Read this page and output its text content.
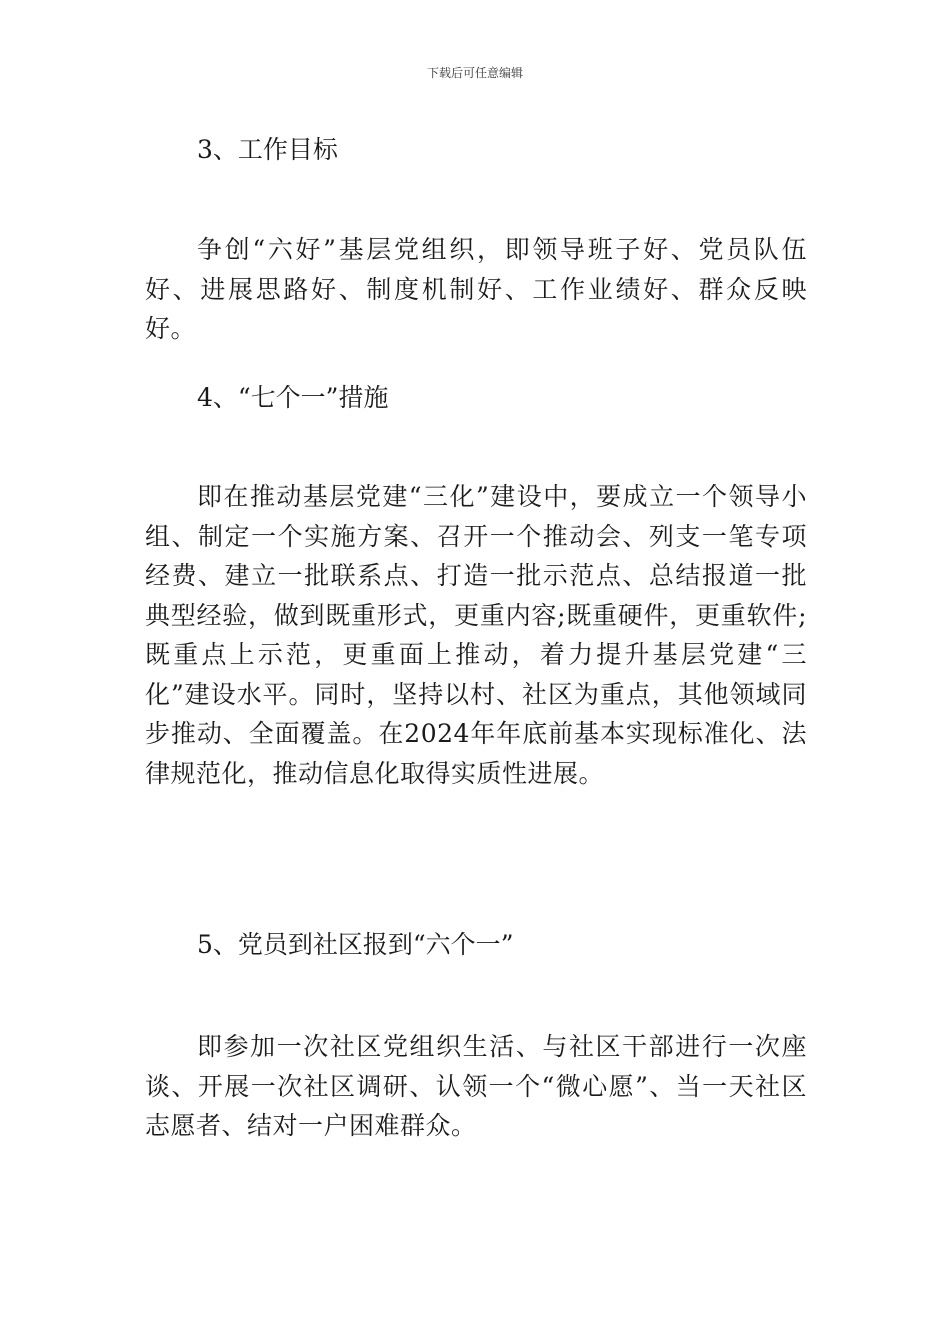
下载后可任意编辑
3、工作目标
争创“六好”基层党组织，即领导班子好、党员队伍好、进展思路好、制度机制好、工作业绩好、群众反映好。
4、“七个一”措施
即在推动基层党建“三化”建设中，要成立一个领导小组、制定一个实施方案、召开一个推动会、列支一笔专项经费、建立一批联系点、打造一批示范点、总结报道一批典型经验，做到既重形式，更重内容;既重硬件，更重软件;既重点上示范，更重面上推动，着力提升基层党建“三化”建设水平。同时，坚持以村、社区为重点，其他领域同步推动、全面覆盖。在2024年年底前基本实现标准化、法律规范化，推动信息化取得实质性进展。
5、党员到社区报到“六个一”
即参加一次社区党组织生活、与社区干部进行一次座谈、开展一次社区调研、认领一个“微心愿”、当一天社区志愿者、结对一户困难群众。
